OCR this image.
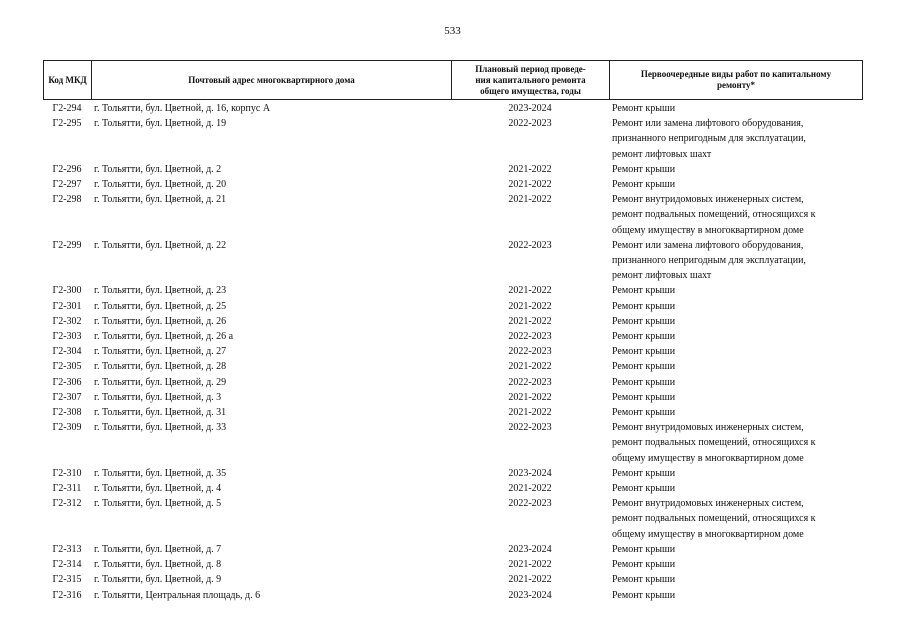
533
Код МКД	Почтовый адрес многоквартирного дома	Плановый период проведе-
ния капитального ремонта
общего имущества, годы	Первоочередные виды работ по капитальному
ремонту*
Г2-294	г. Тольятти, бул. Цветной, д. 16, корпус А	2023-2024	Ремонт крыши
Г2-295	г. Тольятти, бул. Цветной, д. 19	2022-2023	Ремонт или замена лифтового оборудования,
признанного непригодным для эксплуатации,
ремонт лифтовых шахт
Г2-296	г. Тольятти, бул. Цветной, д. 2	2021-2022	Ремонт крыши
Г2-297	г. Тольятти, бул. Цветной, д. 20	2021-2022	Ремонт крыши
Г2-298	г. Тольятти, бул. Цветной, д. 21	2021-2022	Ремонт внутридомовых инженерных систем,
ремонт подвальных помещений, относящихся к
общему имуществу в многоквартирном доме
Г2-299	г. Тольятти, бул. Цветной, д. 22	2022-2023	Ремонт или замена лифтового оборудования,
признанного непригодным для эксплуатации,
ремонт лифтовых шахт
Г2-300	г. Тольятти, бул. Цветной, д. 23	2021-2022	Ремонт крыши
Г2-301	г. Тольятти, бул. Цветной, д. 25	2021-2022	Ремонт крыши
Г2-302	г. Тольятти, бул. Цветной, д. 26	2021-2022	Ремонт крыши
Г2-303	г. Тольятти, бул. Цветной, д. 26 а	2022-2023	Ремонт крыши
Г2-304	г. Тольятти, бул. Цветной, д. 27	2022-2023	Ремонт крыши
Г2-305	г. Тольятти, бул. Цветной, д. 28	2021-2022	Ремонт крыши
Г2-306	г. Тольятти, бул. Цветной, д. 29	2022-2023	Ремонт крыши
Г2-307	г. Тольятти, бул. Цветной, д. 3	2021-2022	Ремонт крыши
Г2-308	г. Тольятти, бул. Цветной, д. 31	2021-2022	Ремонт крыши
Г2-309	г. Тольятти, бул. Цветной, д. 33	2022-2023	Ремонт внутридомовых инженерных систем,
ремонт подвальных помещений, относящихся к
общему имуществу в многоквартирном доме
Г2-310	г. Тольятти, бул. Цветной, д. 35	2023-2024	Ремонт крыши
Г2-311	г. Тольятти, бул. Цветной, д. 4	2021-2022	Ремонт крыши
Г2-312	г. Тольятти, бул. Цветной, д. 5	2022-2023	Ремонт внутридомовых инженерных систем,
ремонт подвальных помещений, относящихся к
общему имуществу в многоквартирном доме
Г2-313	г. Тольятти, бул. Цветной, д. 7	2023-2024	Ремонт крыши
Г2-314	г. Тольятти, бул. Цветной, д. 8	2021-2022	Ремонт крыши
Г2-315	г. Тольятти, бул. Цветной, д. 9	2021-2022	Ремонт крыши
Г2-316	г. Тольятти, Центральная площадь, д. 6	2023-2024	Ремонт крыши
